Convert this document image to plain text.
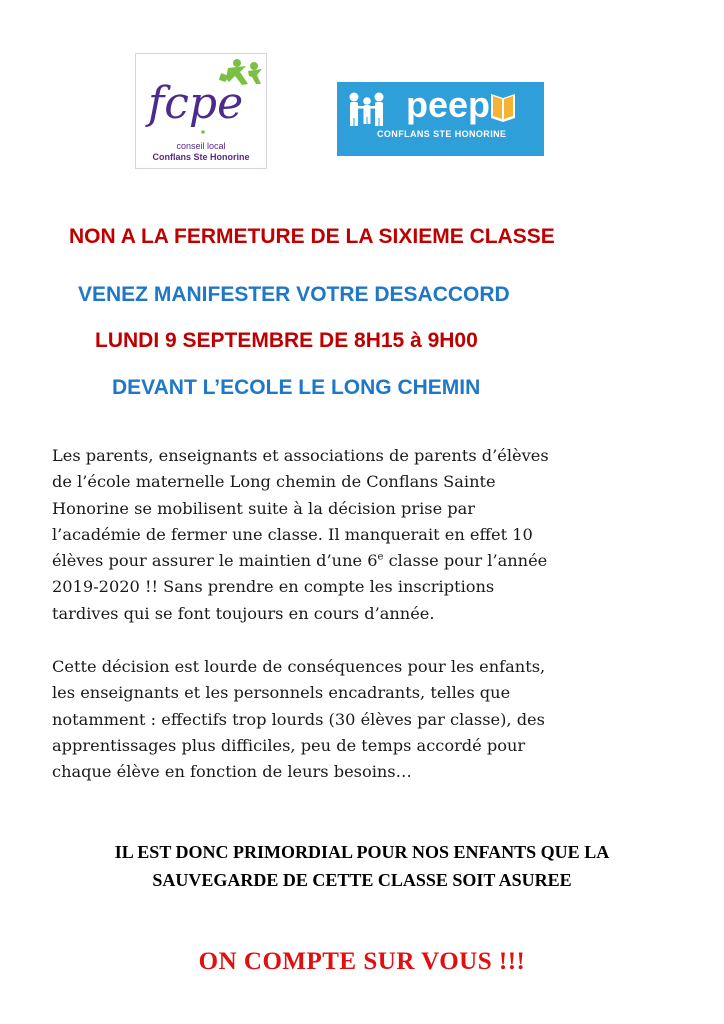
fcpe
conseil local
Conflans Ste Honorine
peep
CONFLANS STE HONORINE
NON A LA FERMETURE DE LA SIXIEME CLASSE
VENEZ MANIFESTER VOTRE DESACCORD
LUNDI 9 SEPTEMBRE DE 8H15 à 9H00
DEVANT L’ECOLE LE LONG CHEMIN

Les parents, enseignants et associations de parents d’élèves
de l’école maternelle Long chemin de Conflans Sainte
Honorine se mobilisent suite à la décision prise par
l’académie de fermer une classe. Il manquerait en effet 10
élèves pour assurer le maintien d’une 6e classe pour l’année
2019-2020 !! Sans prendre en compte les inscriptions
tardives qui se font toujours en cours d’année.

Cette décision est lourde de conséquences pour les enfants,
les enseignants et les personnels encadrants, telles que
notamment : effectifs trop lourds (30 élèves par classe), des
apprentissages plus difficiles, peu de temps accordé pour
chaque élève en fonction de leurs besoins…

IL EST DONC PRIMORDIAL POUR NOS ENFANTS QUE LA
SAUVEGARDE DE CETTE CLASSE SOIT ASUREE

ON COMPTE SUR VOUS !!!
